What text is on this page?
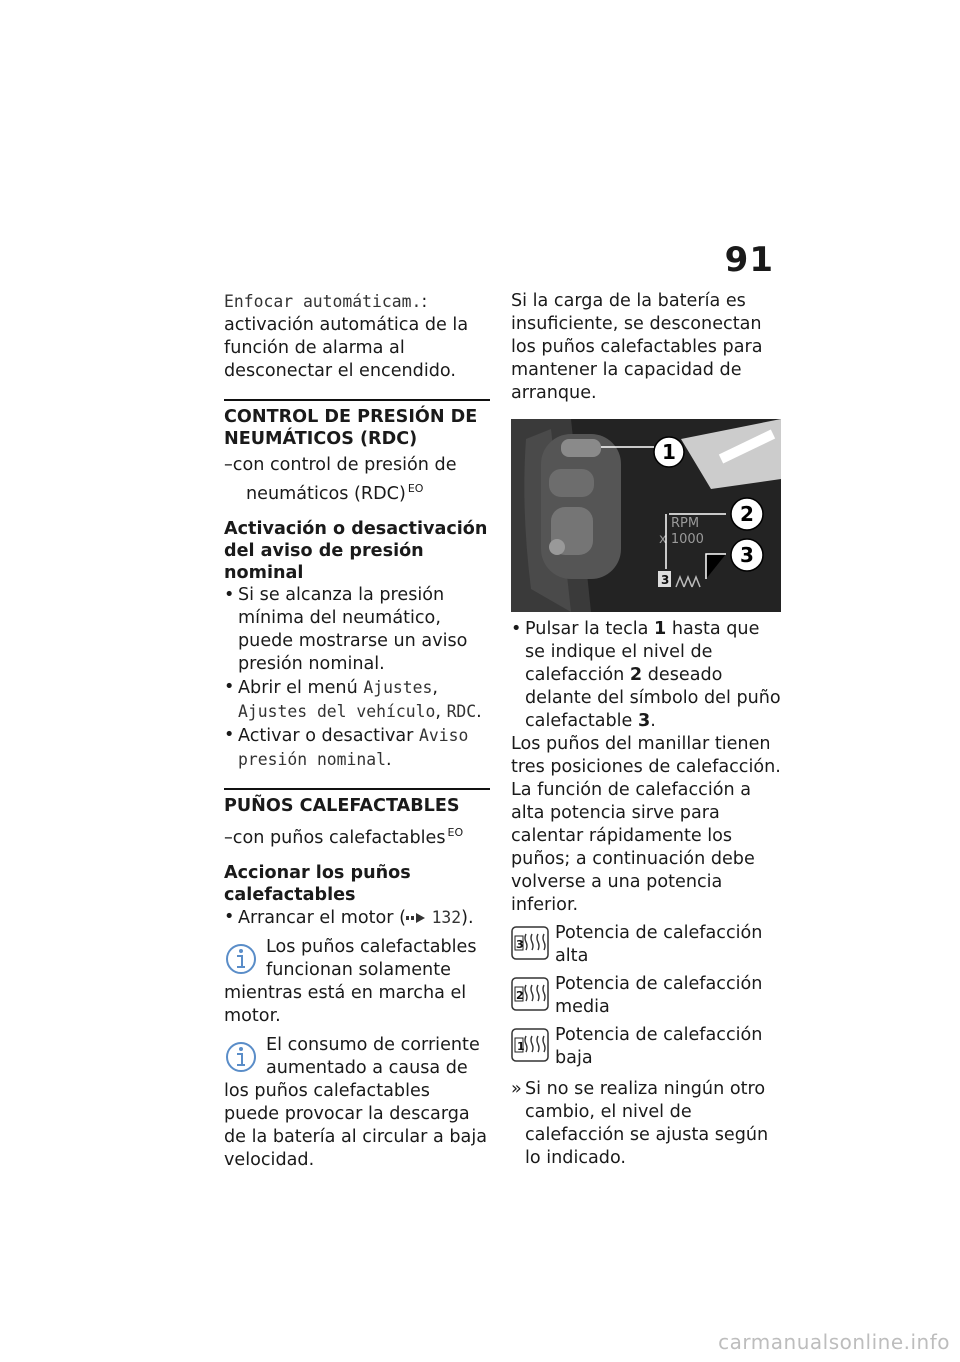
91

Enfocar automáticam.: activación automática de la función de alarma al desconectar el encendido.

CONTROL DE PRESIÓN DE NEUMÁTICOS (RDC)

–con control de presión de neumáticos (RDC) $^{EO}$

Activación o desactivación del aviso de presión nominal

• Si se alcanza la presión mínima del neumático, puede mostrarse un aviso presión nominal.

• Abrir el menú Ajustes, Ajustes del vehículo, RDC.

• Activar o desactivar Aviso presión nominal.

PUÑOS CALEFACTABLES

–con puños calefactables $^{EO}$

Accionar los puños calefactables

• Arrancar el motor ( 132).

Los puños calefactables funcionan solamente mientras está en marcha el motor.

El consumo de corriente aumentado a causa de los puños calefactables puede provocar la descarga de la batería al circular a baja velocidad.

Si la carga de la batería es insuficiente, se desconectan los puños calefactables para mantener la capacidad de arranque.

RPM
x 1000
3
1
2
3

• Pulsar la tecla 1 hasta que se indique el nivel de calefacción 2 deseado delante del símbolo del puño calefactable 3.

Los puños del manillar tienen tres posiciones de calefacción.

La función de calefacción a alta potencia sirve para calentar rápidamente los puños; a continuación debe volverse a una potencia inferior.

3
Potencia de calefacción alta
2
Potencia de calefacción media
1
Potencia de calefacción baja

» Si no se realiza ningún otro cambio, el nivel de calefacción se ajusta según lo indicado.

carmanualsonline.info
